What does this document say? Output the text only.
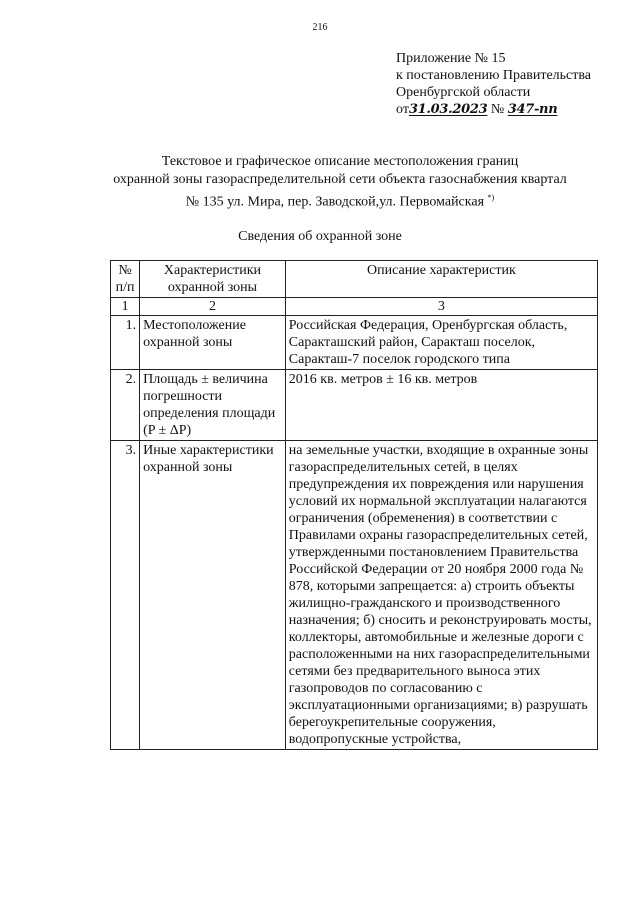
216
Приложение № 15
к постановлению Правительства
Оренбургской области
от31.03.2023 № 347-пп
Текстовое и графическое описание местоположения границ
охранной зоны газораспределительной сети объекта газоснабжения квартал
№ 135 ул. Мира, пер. Заводской,ул. Первомайская *)
Сведения об охранной зоне
№ п/п	Характеристики охранной зоны	Описание характеристик
1	2	3
1.	Местоположение охранной зоны	Российская Федерация, Оренбургская область, Саракташский район, Саракташ поселок, Саракташ-7 поселок городского типа
2.	Площадь ± величина погрешности определения площади (P ± ΔP)	2016 кв. метров ± 16 кв. метров
3.	Иные характеристики охранной зоны	на земельные участки, входящие в охранные зоны газораспределительных сетей, в целях предупреждения их повреждения или нарушения условий их нормальной эксплуатации налагаются ограничения (обременения) в соответствии с Правилами охраны газораспределительных сетей, утвержденными постановлением Правительства Российской Федерации от 20 ноября 2000 года № 878, которыми запрещается: а) строить объекты жилищно-гражданского и производственного назначения; б) сносить и реконструировать мосты, коллекторы, автомобильные и железные дороги с расположенными на них газораспределительными сетями без предварительного выноса этих газопроводов по согласованию с эксплуатационными организациями; в) разрушать берегоукрепительные сооружения, водопропускные устройства,
